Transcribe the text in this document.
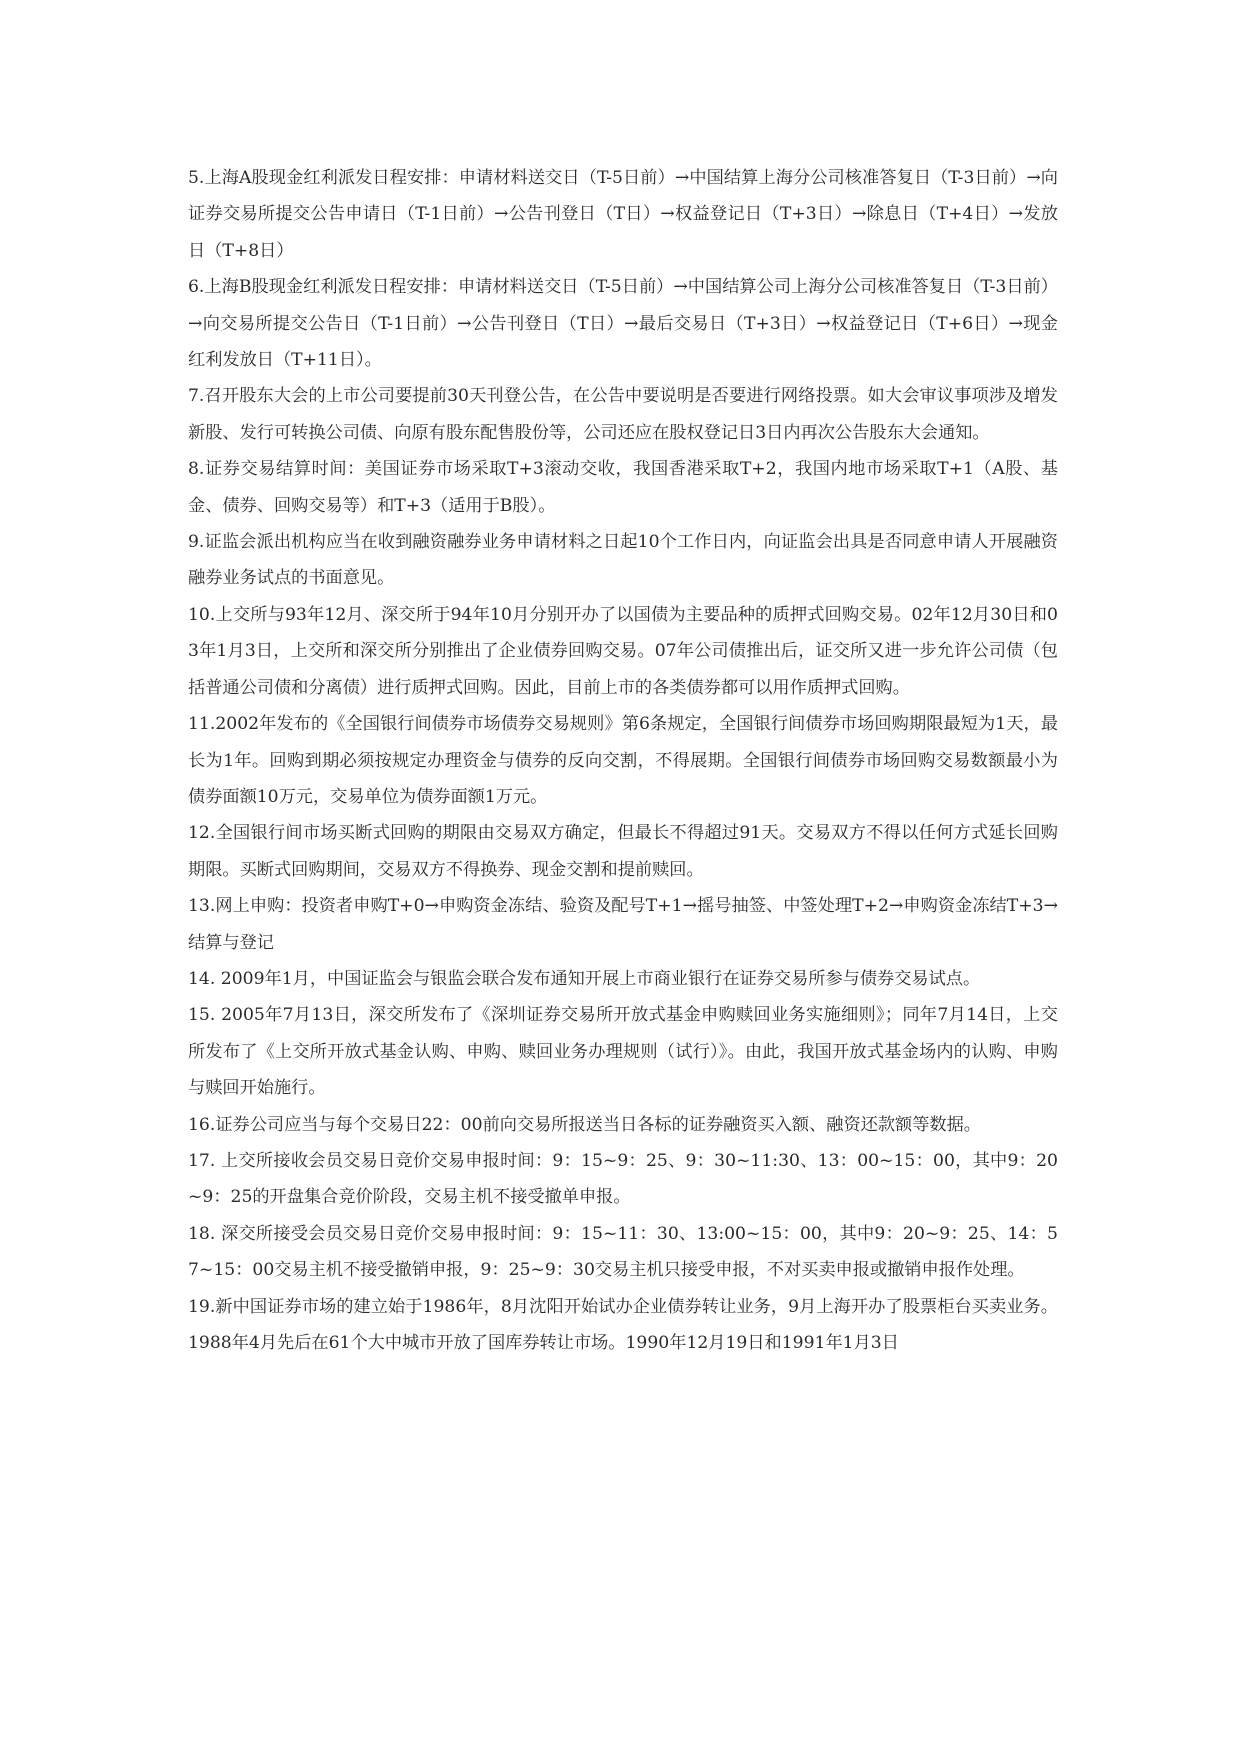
5.上海A股现金红利派发日程安排：申请材料送交日（T-5日前）→中国结算上海分公司核准答复日（T-3日前）→向证券交易所提交公告申请日（T-1日前）→公告刊登日（T日）→权益登记日（T+3日）→除息日（T+4日）→发放日（T+8日）

6.上海B股现金红利派发日程安排：申请材料送交日（T-5日前）→中国结算公司上海分公司核准答复日（T-3日前）→向交易所提交公告日（T-1日前）→公告刊登日（T日）→最后交易日（T+3日）→权益登记日（T+6日）→现金红利发放日（T+11日）。

7.召开股东大会的上市公司要提前30天刊登公告，在公告中要说明是否要进行网络投票。如大会审议事项涉及增发新股、发行可转换公司债、向原有股东配售股份等，公司还应在股权登记日3日内再次公告股东大会通知。

8.证券交易结算时间：美国证券市场采取T+3滚动交收，我国香港采取T+2，我国内地市场采取T+1（A股、基金、债券、回购交易等）和T+3（适用于B股）。

9.证监会派出机构应当在收到融资融券业务申请材料之日起10个工作日内，向证监会出具是否同意申请人开展融资融券业务试点的书面意见。

10.上交所与93年12月、深交所于94年10月分别开办了以国债为主要品种的质押式回购交易。02年12月30日和03年1月3日，上交所和深交所分别推出了企业债券回购交易。07年公司债推出后，证交所又进一步允许公司债（包括普通公司债和分离债）进行质押式回购。因此，目前上市的各类债券都可以用作质押式回购。

11.2002年发布的《全国银行间债券市场债券交易规则》第6条规定，全国银行间债券市场回购期限最短为1天，最长为1年。回购到期必须按规定办理资金与债券的反向交割，不得展期。全国银行间债券市场回购交易数额最小为债券面额10万元，交易单位为债券面额1万元。

12.全国银行间市场买断式回购的期限由交易双方确定，但最长不得超过91天。交易双方不得以任何方式延长回购期限。买断式回购期间，交易双方不得换券、现金交割和提前赎回。

13.网上申购：投资者申购T+0→申购资金冻结、验资及配号T+1→摇号抽签、中签处理T+2→申购资金冻结T+3→结算与登记

14. 2009年1月，中国证监会与银监会联合发布通知开展上市商业银行在证券交易所参与债券交易试点。

15. 2005年7月13日，深交所发布了《深圳证券交易所开放式基金申购赎回业务实施细则》；同年7月14日，上交所发布了《上交所开放式基金认购、申购、赎回业务办理规则（试行）》。由此，我国开放式基金场内的认购、申购与赎回开始施行。

16.证券公司应当与每个交易日22：00前向交易所报送当日各标的证券融资买入额、融资还款额等数据。

17. 上交所接收会员交易日竞价交易申报时间：9：15~9：25、9：30~11:30、13：00~15：00，其中9：20~9：25的开盘集合竞价阶段，交易主机不接受撤单申报。

18. 深交所接受会员交易日竞价交易申报时间：9：15~11：30、13:00~15：00，其中9：20~9：25、14：57~15：00交易主机不接受撤销申报，9：25~9：30交易主机只接受申报，不对买卖申报或撤销申报作处理。

19.新中国证券市场的建立始于1986年，8月沈阳开始试办企业债券转让业务，9月上海开办了股票柜台买卖业务。1988年4月先后在61个大中城市开放了国库券转让市场。1990年12月19日和1991年1月3日
